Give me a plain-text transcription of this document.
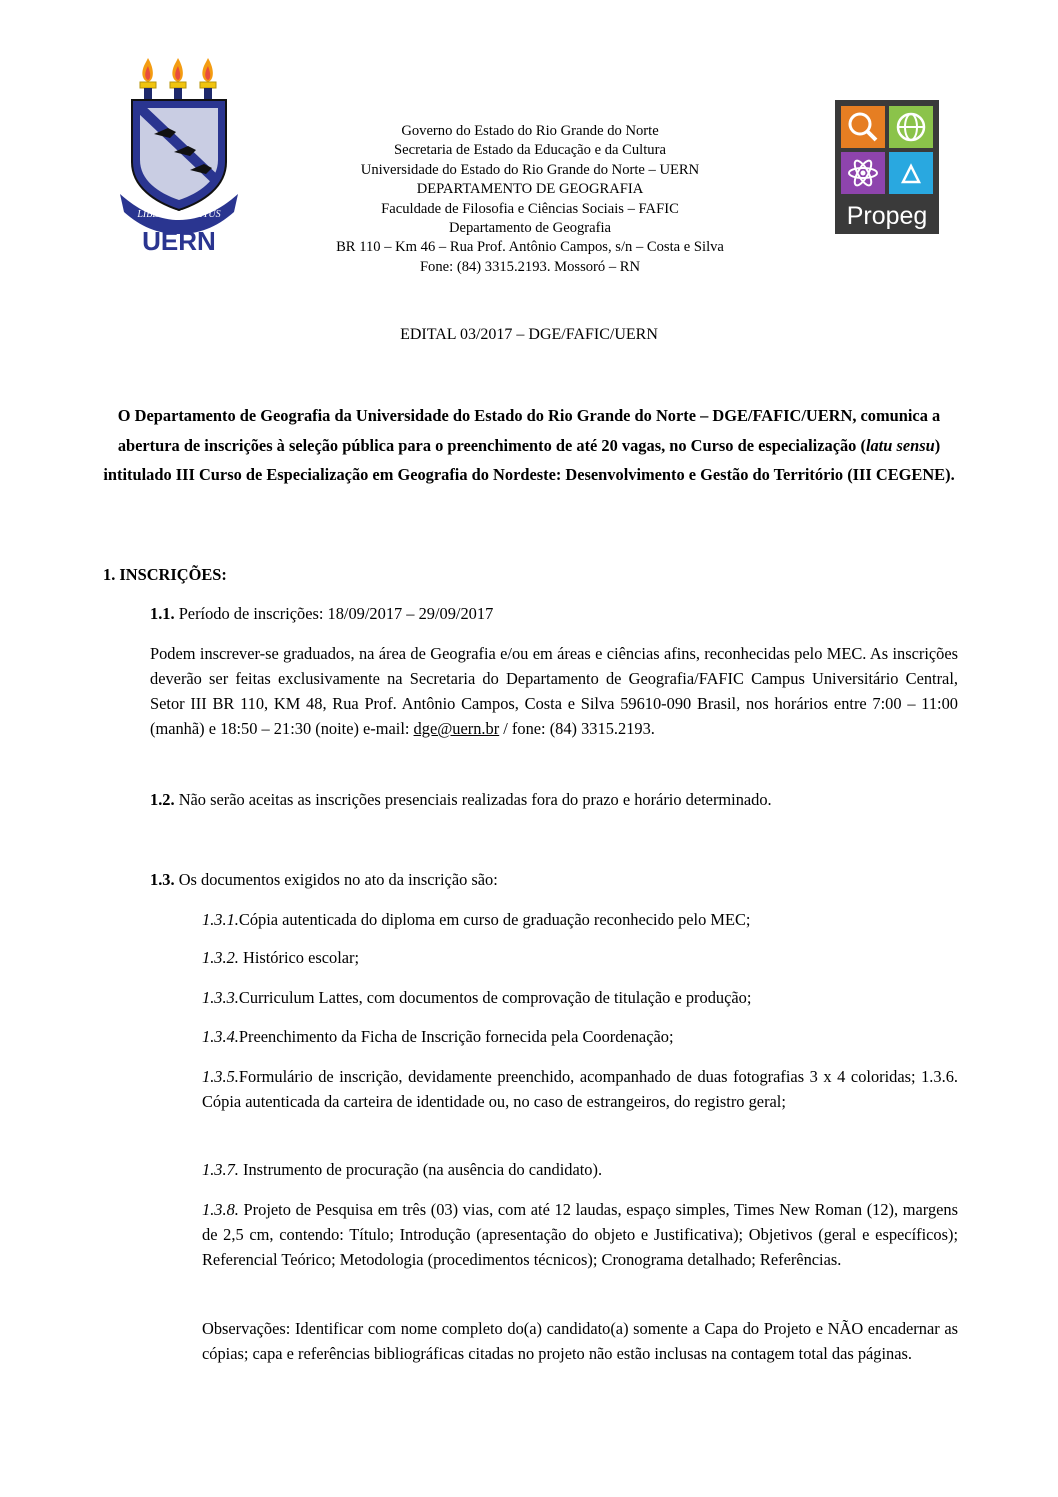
LIBER VI SPIRITUS
UERN
Governo do Estado do Rio Grande do Norte
Secretaria de Estado da Educação e da Cultura
Universidade do Estado do Rio Grande do Norte – UERN
DEPARTAMENTO DE GEOGRAFIA
Faculdade de Filosofia e Ciências Sociais – FAFIC
Departamento de Geografia
BR 110 – Km 46 – Rua Prof. Antônio Campos, s/n – Costa e Silva
Fone: (84) 3315.2193. Mossoró – RN
Propeg
EDITAL 03/2017 – DGE/FAFIC/UERN
O Departamento de Geografia da Universidade do Estado do Rio Grande do Norte – DGE/FAFIC/UERN, comunica a abertura de inscrições à seleção pública para o preenchimento de até 20 vagas, no Curso de especialização (latu sensu) intitulado III Curso de Especialização em Geografia do Nordeste: Desenvolvimento e Gestão do Território (III CEGENE).
1. INSCRIÇÕES:
1.1. Período de inscrições: 18/09/2017 – 29/09/2017
Podem inscrever-se graduados, na área de Geografia e/ou em áreas e ciências afins, reconhecidas pelo MEC. As inscrições deverão ser feitas exclusivamente na Secretaria do Departamento de Geografia/FAFIC Campus Universitário Central, Setor III BR 110, KM 48, Rua Prof. Antônio Campos, Costa e Silva 59610-090 Brasil, nos horários entre 7:00 – 11:00 (manhã) e 18:50 – 21:30 (noite) e-mail: dge@uern.br / fone: (84) 3315.2193.
1.2. Não serão aceitas as inscrições presenciais realizadas fora do prazo e horário determinado.
1.3. Os documentos exigidos no ato da inscrição são:
1.3.1.Cópia autenticada do diploma em curso de graduação reconhecido pelo MEC;
1.3.2. Histórico escolar;
1.3.3.Curriculum Lattes, com documentos de comprovação de titulação e produção;
1.3.4.Preenchimento da Ficha de Inscrição fornecida pela Coordenação;
1.3.5.Formulário de inscrição, devidamente preenchido, acompanhado de duas fotografias 3 x 4 coloridas; 1.3.6. Cópia autenticada da carteira de identidade ou, no caso de estrangeiros, do registro geral;
1.3.7. Instrumento de procuração (na ausência do candidato).
1.3.8. Projeto de Pesquisa em três (03) vias, com até 12 laudas, espaço simples, Times New Roman (12), margens de 2,5 cm, contendo: Título; Introdução (apresentação do objeto e Justificativa); Objetivos (geral e específicos); Referencial Teórico; Metodologia (procedimentos técnicos); Cronograma detalhado; Referências.
Observações: Identificar com nome completo do(a) candidato(a) somente a Capa do Projeto e NÃO encadernar as cópias; capa e referências bibliográficas citadas no projeto não estão inclusas na contagem total das páginas.
